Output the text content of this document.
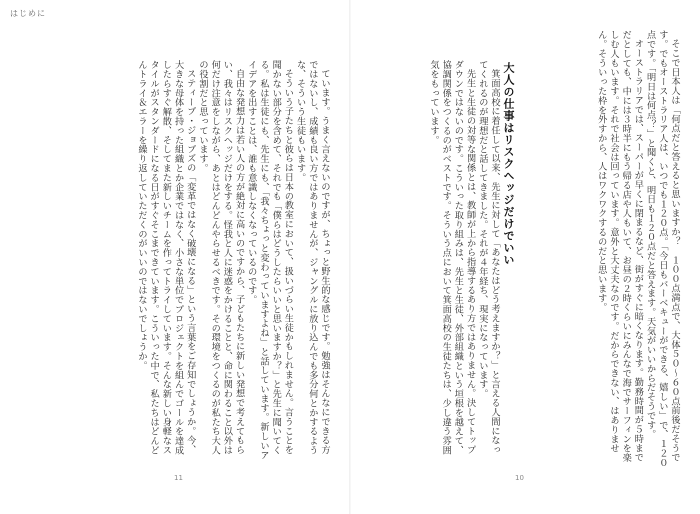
はじめに

ています。うまく言えないのですが、ちょっと野生的な感じです。勉強はそんなにできる方ではないし、成績も良い方ではありませんが、ジャングルに放り込んでも多分何とかするような、そういう生徒もいます。

そういう子たちと彼らは日本の教室において、扱いづらい生徒かもしれません。言うことを聞かない部分を含めて、それでも「僕らはどうしたらいいと思いますか？」と先生に聞いてくる。私は生徒にも、先生にも、「我々ちょっと変わっていますよね」と話しています。新しいアイデアを出すことは、誰も意識しなくなっているのです。

自由な発想力は若い人の方が絶対に高いのですから、子どもたちに新しい発想で考えてもらい、我々はリスクヘッジだけをする。怪我と人に迷惑をかけることと、命に関わること以外は何だけ注意をしながら、あとはどんどんやらせるべきです。その環境をつくるのが私たち大人の役割だと思っています。

スティーブ・ジョブズの「変革ではなく破壊になる」という言葉をご存知でしょうか。今、大きな母体を持った組織とか企業ではなく、小さな単位でプロジェクトを組んでゴールを達成したらすぐ解散、そしてまた新しいチームを作ってトライしています。そんな新しい身軽なスタイルがスタンダードになる日がすぐそこまできています。こういった中で、私たちはどんどんトライ＆エラーを繰り返していただくのがいいのではないでしょうか。	そこで日本人は「何点だと答えると思いますか？　１００点満点で、大体５０〜６０点前後だそうです。でもオーストラリア人は、いつでも１２０点。「今日もバーベキューができる、嬉しい」で、１２０点です。「明日は何点？」と聞くと、明日も１２０点だと答えます。天気がいいからだそうです。

オーストラリアでは、スーパーが早くに閉まるなど、街がすぐに暗くなります。勤務時間が５時までだとしても、中には３時半にもう帰る店や人もいて、お昼の２時くらいにみんなで海でサーフィンを楽しむ人もいます。それで社会は回っています。意外と大丈夫なのです。だからできない、はありません。そういった枠を外すから、人はワクワクするのだと思います。

大人の仕事はリスクヘッジだけでいい

箕面高校に着任して以来、先生に対して「あなたはどう考えますか？」と言える人間になってくれるのが理想だと話してきました。それが４年経ち、現実になっています。

先生と生徒の対等な関係とは、教師が上から指導するあり方ではありません。決してトップダウンではないのです。こういった取り組みは、先生と生徒、外部組織という垣根を越えて、協調関係をつくるのがベストです。そういう点において箕面高校の生徒たちは、少し違う雰囲気をもっています。

11	10
